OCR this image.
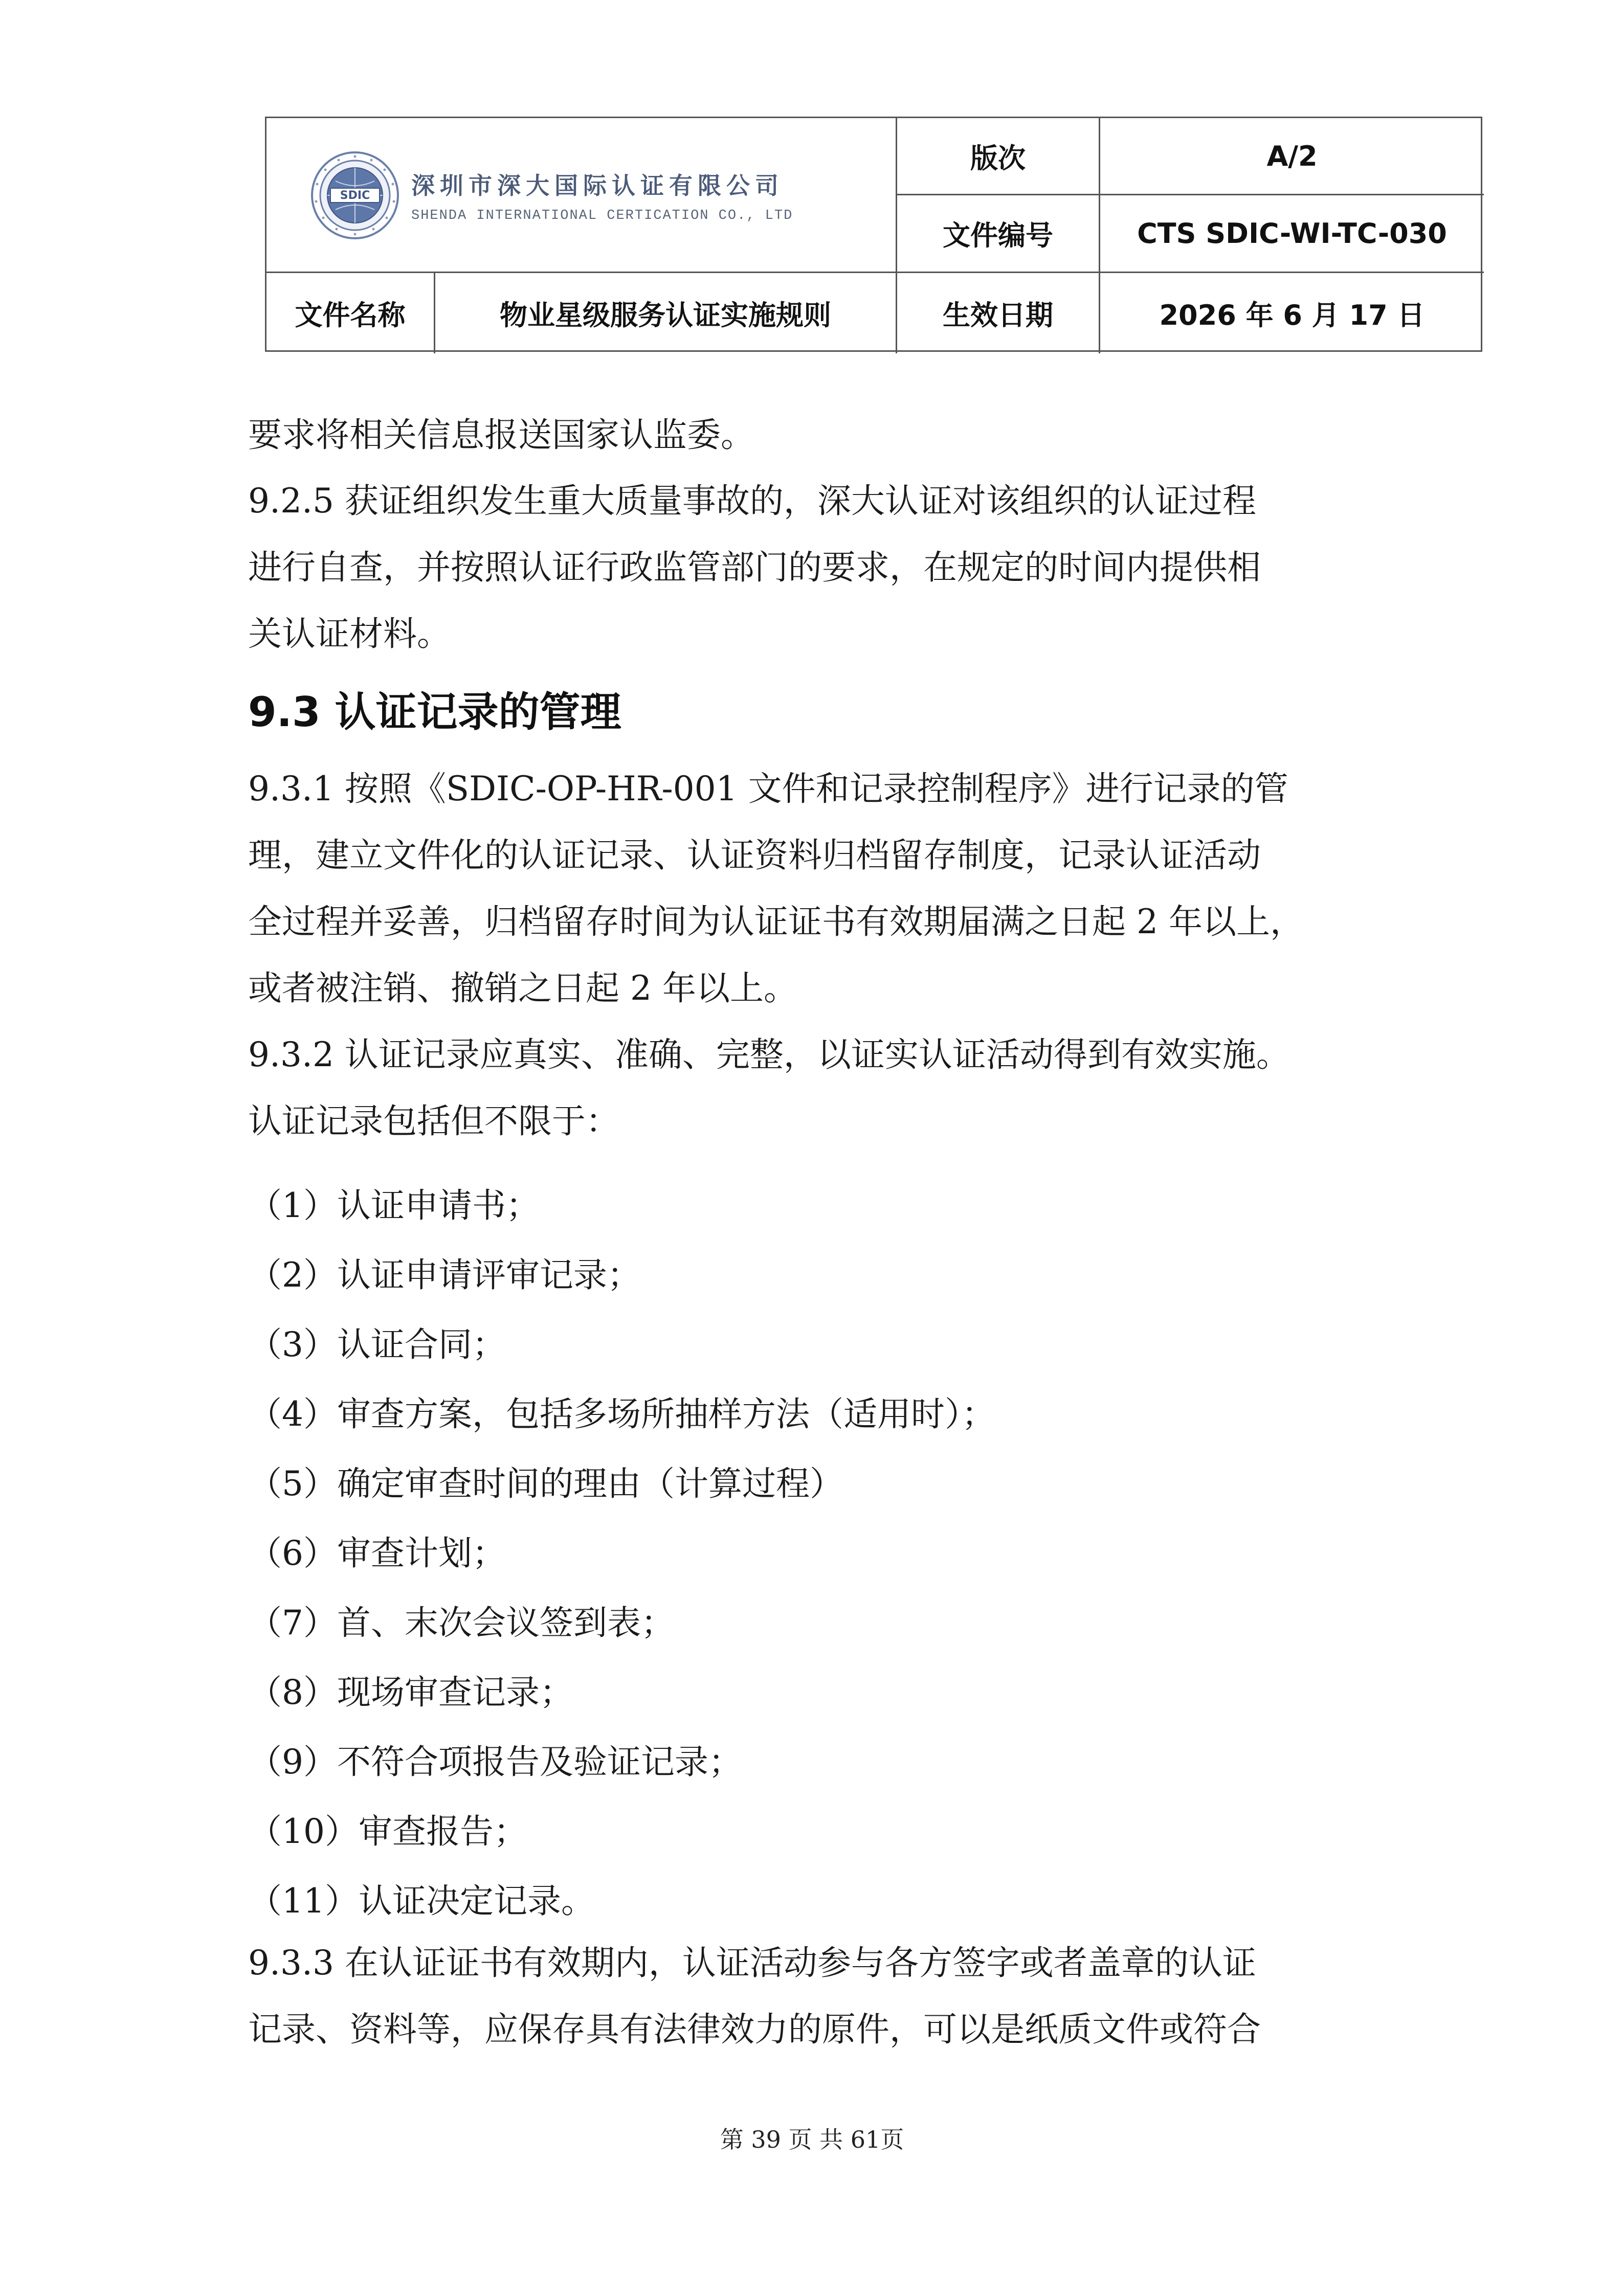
SDIC 深圳市深大国际认证有限公司
SHENDA INTERNATIONAL CERTICATION CO., LTD
版次	A/2
文件编号	CTS SDIC-WI-TC-030
文件名称	物业星级服务认证实施规则	生效日期	2026 年 6 月 17 日
要求将相关信息报送国家认监委。
9.2.5 获证组织发生重大质量事故的，深大认证对该组织的认证过程
进行自查，并按照认证行政监管部门的要求，在规定的时间内提供相
关认证材料。
9.3 认证记录的管理
9.3.1 按照《SDIC-OP-HR-001 文件和记录控制程序》进行记录的管
理，建立文件化的认证记录、认证资料归档留存制度，记录认证活动
全过程并妥善，归档留存时间为认证证书有效期届满之日起 2 年以上，
或者被注销、撤销之日起 2 年以上。
9.3.2 认证记录应真实、准确、完整，以证实认证活动得到有效实施。
认证记录包括但不限于：
（1）认证申请书；
（2）认证申请评审记录；
（3）认证合同；
（4）审查方案，包括多场所抽样方法（适用时）；
（5）确定审查时间的理由（计算过程）
（6）审查计划；
（7）首、末次会议签到表；
（8）现场审查记录；
（9）不符合项报告及验证记录；
（10）审查报告；
（11）认证决定记录。
9.3.3 在认证证书有效期内，认证活动参与各方签字或者盖章的认证
记录、资料等，应保存具有法律效力的原件，可以是纸质文件或符合
第 39 页 共 61页
